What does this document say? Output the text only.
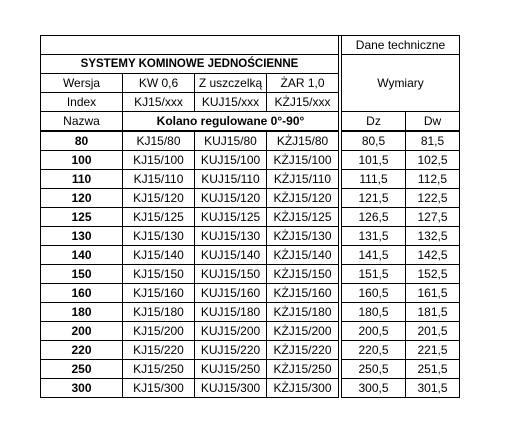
					Dane techniczne	
SYSTEMY KOMINOWE JEDNOŚCIENNE					Wymiary	
Wersja	KW 0,6	Z uszczelką	ŻAR 1,0			
Index	KJ15/xxx	KUJ15/xxx	KŻJ15/xxx			
Nazwa	Kolano regulowane 0°-90°				Dz	Dw
80	KJ15/80	KUJ15/80	KŻJ15/80		80,5	81,5
100	KJ15/100	KUJ15/100	KŻJ15/100		101,5	102,5
110	KJ15/110	KUJ15/110	KŻJ15/110		111,5	112,5
120	KJ15/120	KUJ15/120	KŻJ15/120		121,5	122,5
125	KJ15/125	KUJ15/125	KŻJ15/125		126,5	127,5
130	KJ15/130	KUJ15/130	KŻJ15/130		131,5	132,5
140	KJ15/140	KUJ15/140	KŻJ15/140		141,5	142,5
150	KJ15/150	KUJ15/150	KŻJ15/150		151,5	152,5
160	KJ15/160	KUJ15/160	KŻJ15/160		160,5	161,5
180	KJ15/180	KUJ15/180	KŻJ15/180		180,5	181,5
200	KJ15/200	KUJ15/200	KŻJ15/200		200,5	201,5
220	KJ15/220	KUJ15/220	KŻJ15/220		220,5	221,5
250	KJ15/250	KUJ15/250	KŻJ15/250		250,5	251,5
300	KJ15/300	KUJ15/300	KŻJ15/300		300,5	301,5
